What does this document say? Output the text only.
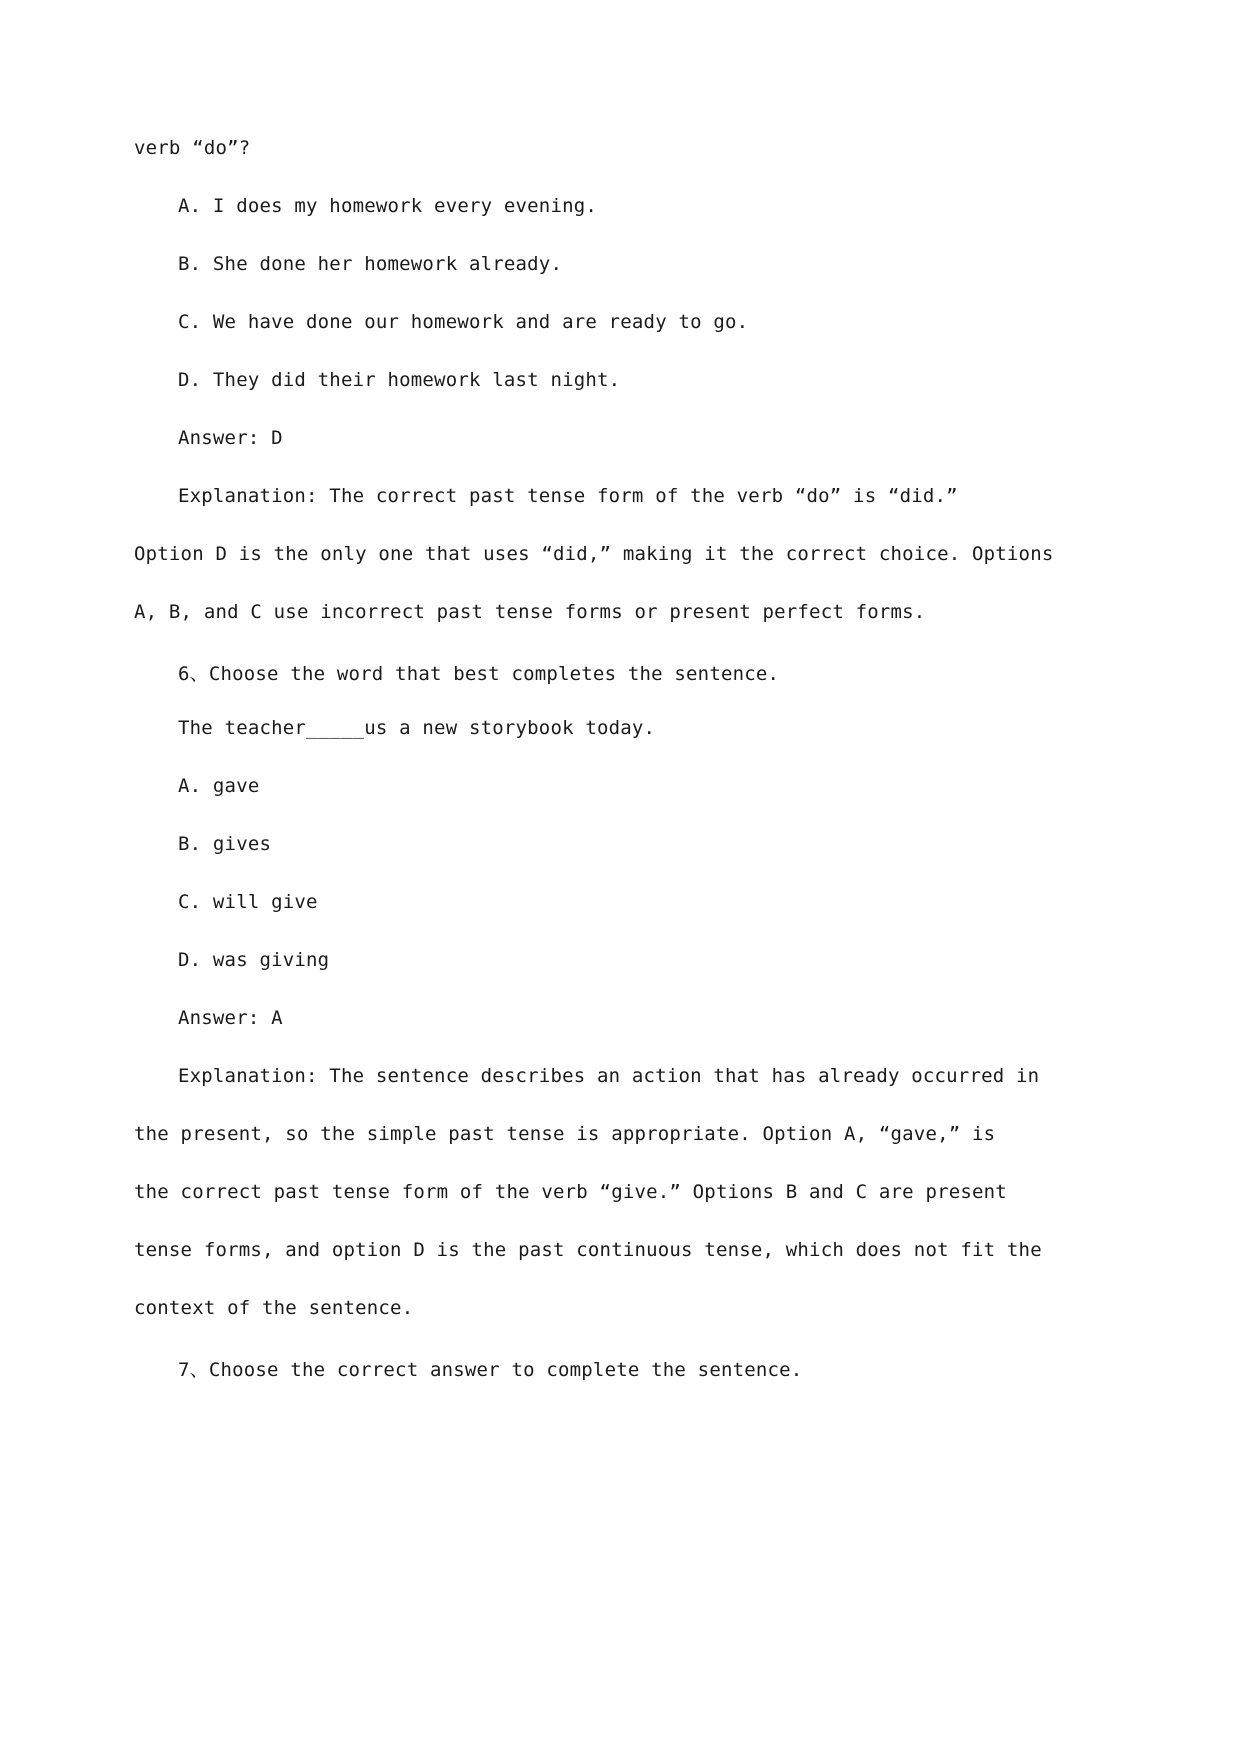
verb “do”?
A. I does my homework every evening.
B. She done her homework already.
C. We have done our homework and are ready to go.
D. They did their homework last night.
Answer: D
Explanation: The correct past tense form of the verb “do” is “did.”
Option D is the only one that uses “did,” making it the correct choice. Options
A, B, and C use incorrect past tense forms or present perfect forms.
6、Choose the word that best completes the sentence.
The teacher_____us a new storybook today.
A. gave
B. gives
C. will give
D. was giving
Answer: A
Explanation: The sentence describes an action that has already occurred in
the present, so the simple past tense is appropriate. Option A, “gave,” is
the correct past tense form of the verb “give.” Options B and C are present
tense forms, and option D is the past continuous tense, which does not fit the
context of the sentence.
7、Choose the correct answer to complete the sentence.
